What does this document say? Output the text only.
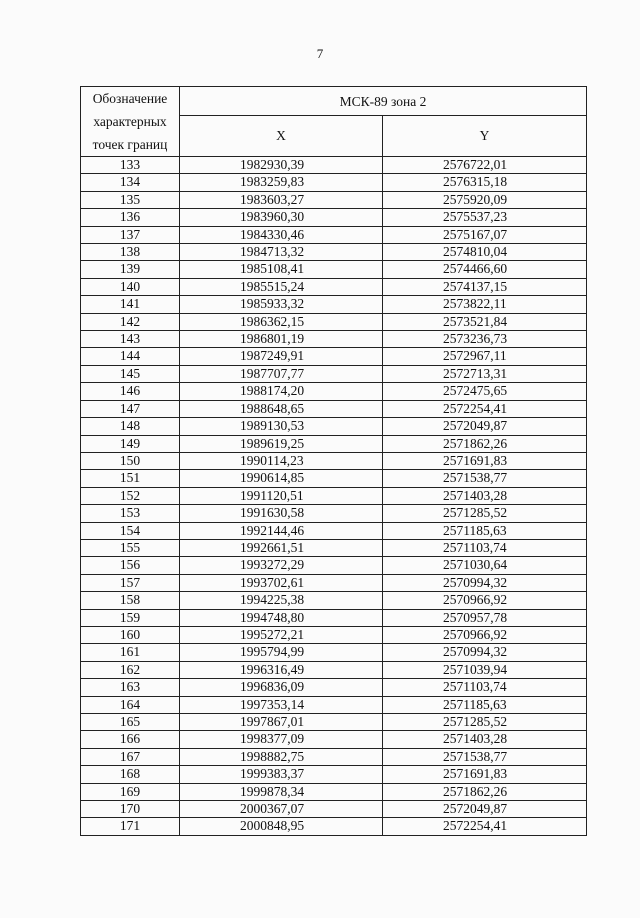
7
Обозначение характерных точек границ	МСК-89 зона 2	
	X	Y
133	1982930,39	2576722,01
134	1983259,83	2576315,18
135	1983603,27	2575920,09
136	1983960,30	2575537,23
137	1984330,46	2575167,07
138	1984713,32	2574810,04
139	1985108,41	2574466,60
140	1985515,24	2574137,15
141	1985933,32	2573822,11
142	1986362,15	2573521,84
143	1986801,19	2573236,73
144	1987249,91	2572967,11
145	1987707,77	2572713,31
146	1988174,20	2572475,65
147	1988648,65	2572254,41
148	1989130,53	2572049,87
149	1989619,25	2571862,26
150	1990114,23	2571691,83
151	1990614,85	2571538,77
152	1991120,51	2571403,28
153	1991630,58	2571285,52
154	1992144,46	2571185,63
155	1992661,51	2571103,74
156	1993272,29	2571030,64
157	1993702,61	2570994,32
158	1994225,38	2570966,92
159	1994748,80	2570957,78
160	1995272,21	2570966,92
161	1995794,99	2570994,32
162	1996316,49	2571039,94
163	1996836,09	2571103,74
164	1997353,14	2571185,63
165	1997867,01	2571285,52
166	1998377,09	2571403,28
167	1998882,75	2571538,77
168	1999383,37	2571691,83
169	1999878,34	2571862,26
170	2000367,07	2572049,87
171	2000848,95	2572254,41
